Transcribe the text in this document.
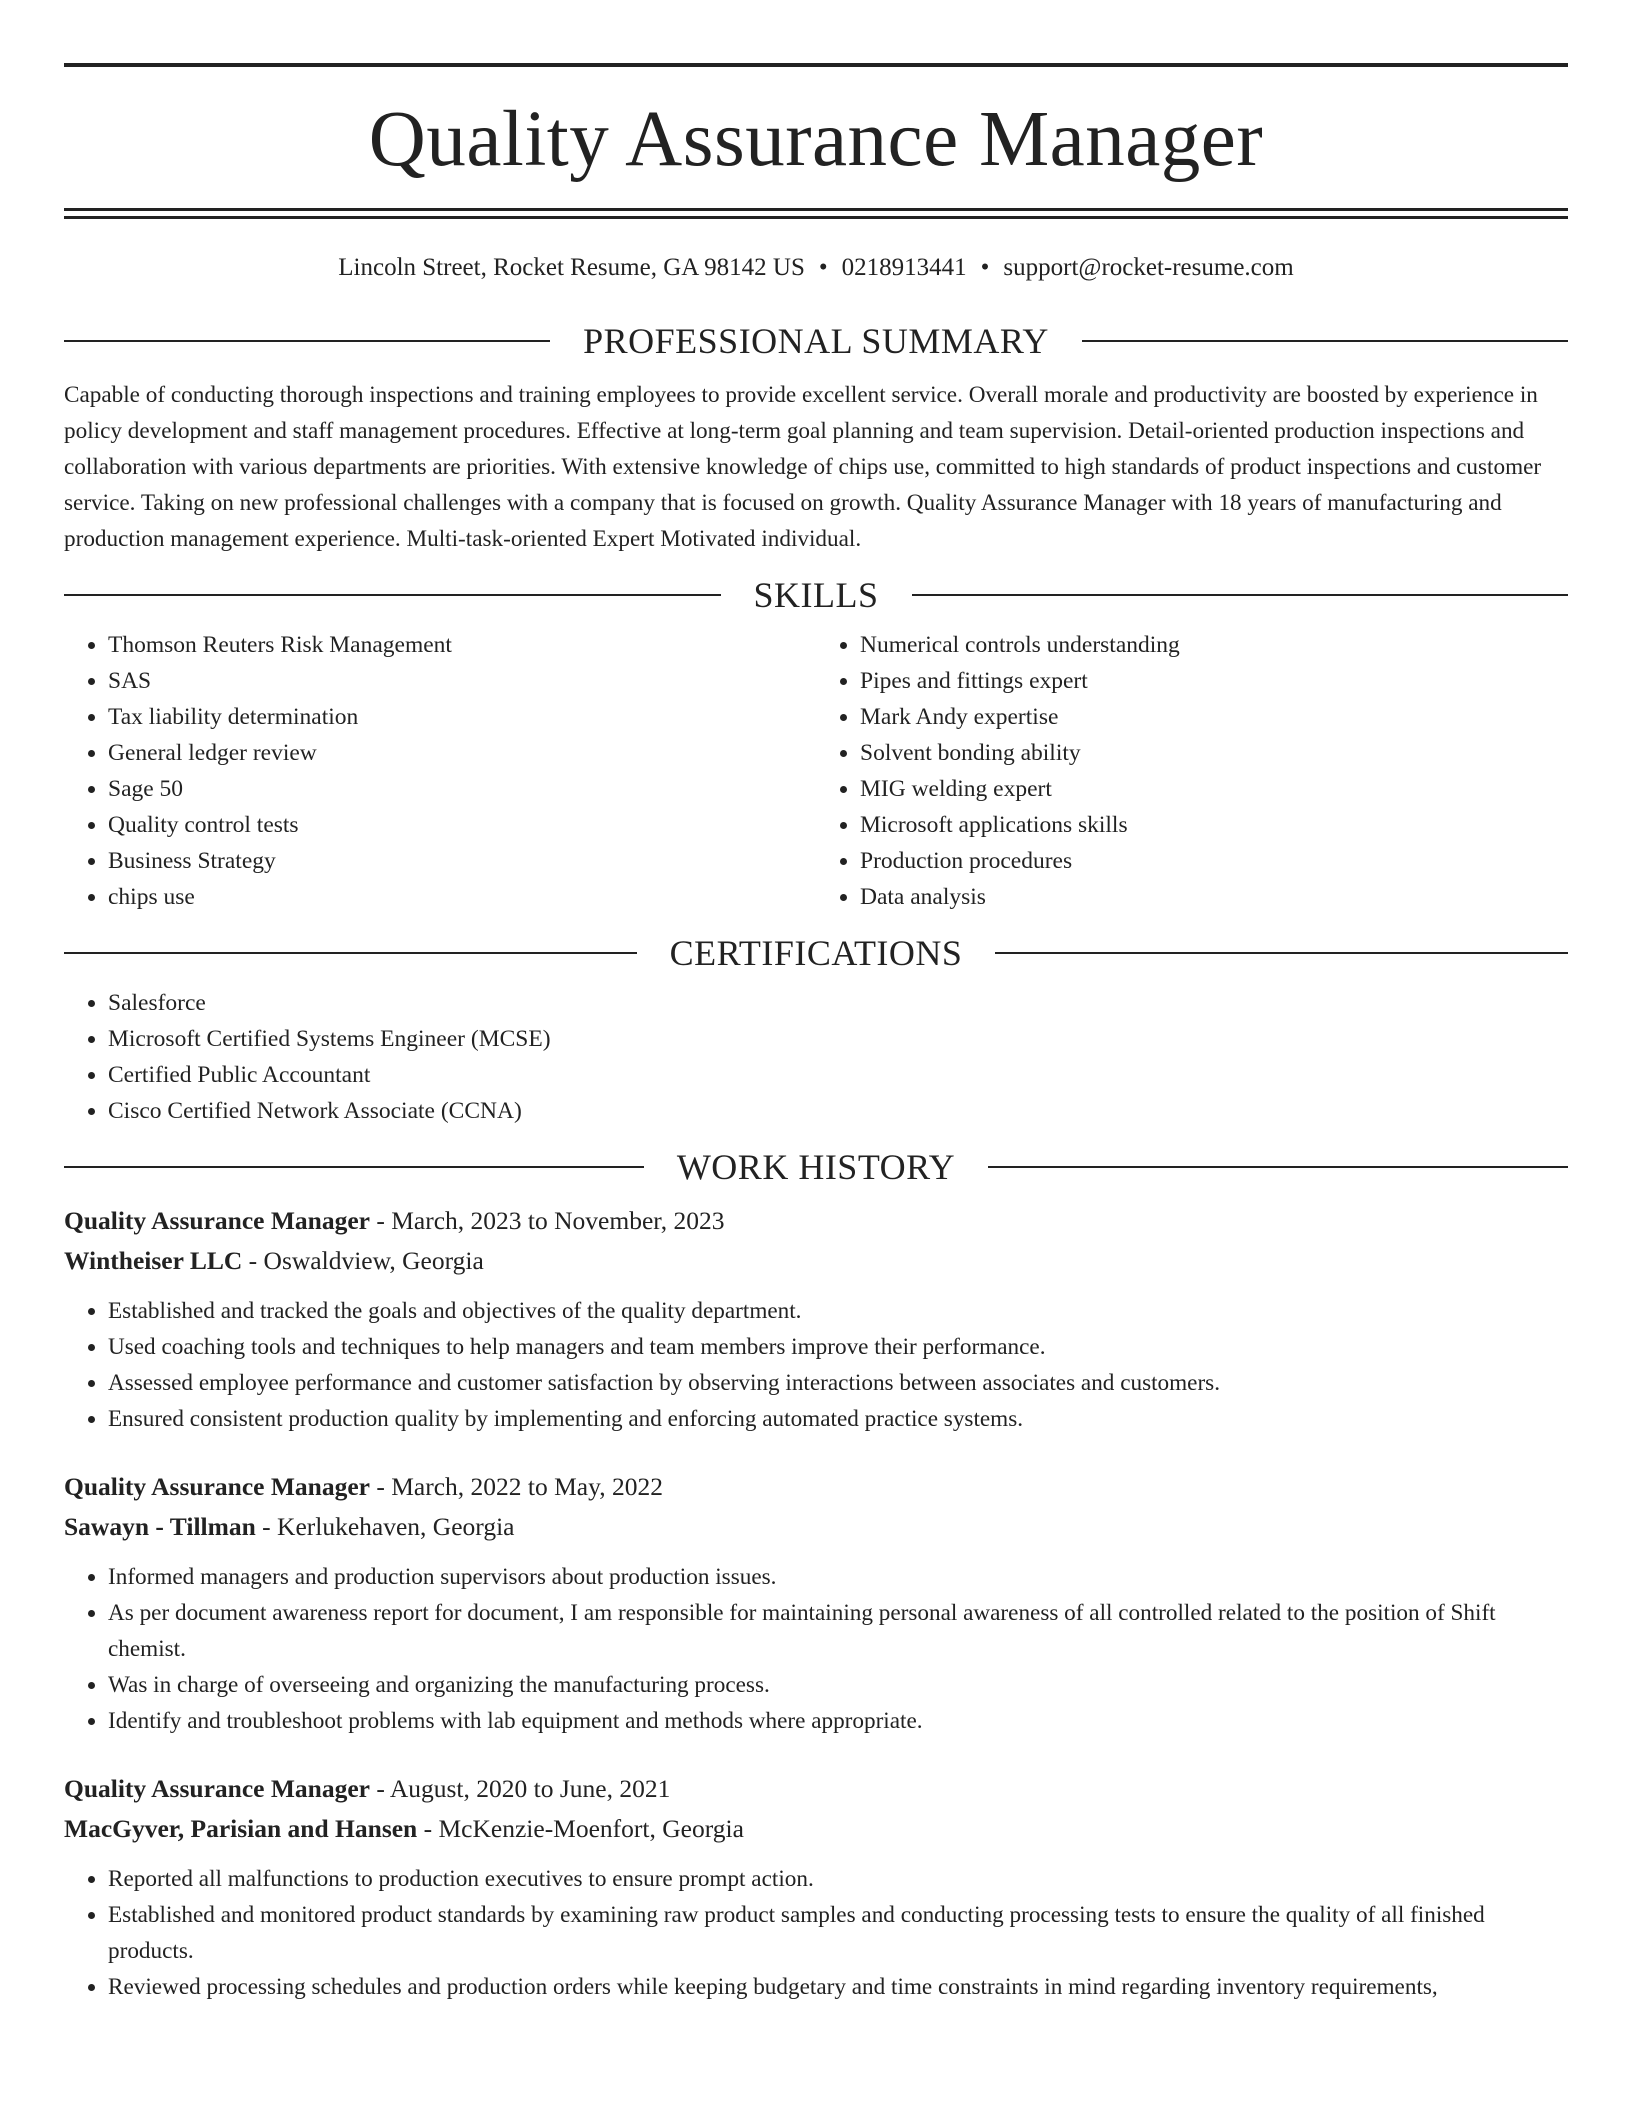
Quality Assurance Manager
Lincoln Street, Rocket Resume, GA 98142 US • 0218913441 • support@rocket-resume.com
PROFESSIONAL SUMMARY

Capable of conducting thorough inspections and training employees to provide excellent service. Overall morale and productivity are boosted by experience in policy development and staff management procedures. Effective at long-term goal planning and team supervision. Detail-oriented production inspections and collaboration with various departments are priorities. With extensive knowledge of chips use, committed to high standards of product inspections and customer service. Taking on new professional challenges with a company that is focused on growth. Quality Assurance Manager with 18 years of manufacturing and production management experience. Multi-task-oriented Expert Motivated individual.

SKILLS
• Thomson Reuters Risk Management
• SAS
• Tax liability determination
• General ledger review
• Sage 50
• Quality control tests
• Business Strategy
• chips use
• Numerical controls understanding
• Pipes and fittings expert
• Mark Andy expertise
• Solvent bonding ability
• MIG welding expert
• Microsoft applications skills
• Production procedures
• Data analysis
CERTIFICATIONS
• Salesforce
• Microsoft Certified Systems Engineer (MCSE)
• Certified Public Accountant
• Cisco Certified Network Associate (CCNA)
WORK HISTORY
Quality Assurance Manager - March, 2023 to November, 2023
Wintheiser LLC - Oswaldview, Georgia
• Established and tracked the goals and objectives of the quality department.
• Used coaching tools and techniques to help managers and team members improve their performance.
• Assessed employee performance and customer satisfaction by observing interactions between associates and customers.
• Ensured consistent production quality by implementing and enforcing automated practice systems.
Quality Assurance Manager - March, 2022 to May, 2022
Sawayn - Tillman - Kerlukehaven, Georgia
• Informed managers and production supervisors about production issues.
• As per document awareness report for document, I am responsible for maintaining personal awareness of all controlled related to the position of Shift chemist.
• Was in charge of overseeing and organizing the manufacturing process.
• Identify and troubleshoot problems with lab equipment and methods where appropriate.
Quality Assurance Manager - August, 2020 to June, 2021
MacGyver, Parisian and Hansen - McKenzie-Moenfort, Georgia
• Reported all malfunctions to production executives to ensure prompt action.
• Established and monitored product standards by examining raw product samples and conducting processing tests to ensure the quality of all finished products.
• Reviewed processing schedules and production orders while keeping budgetary and time constraints in mind regarding inventory requirements,
